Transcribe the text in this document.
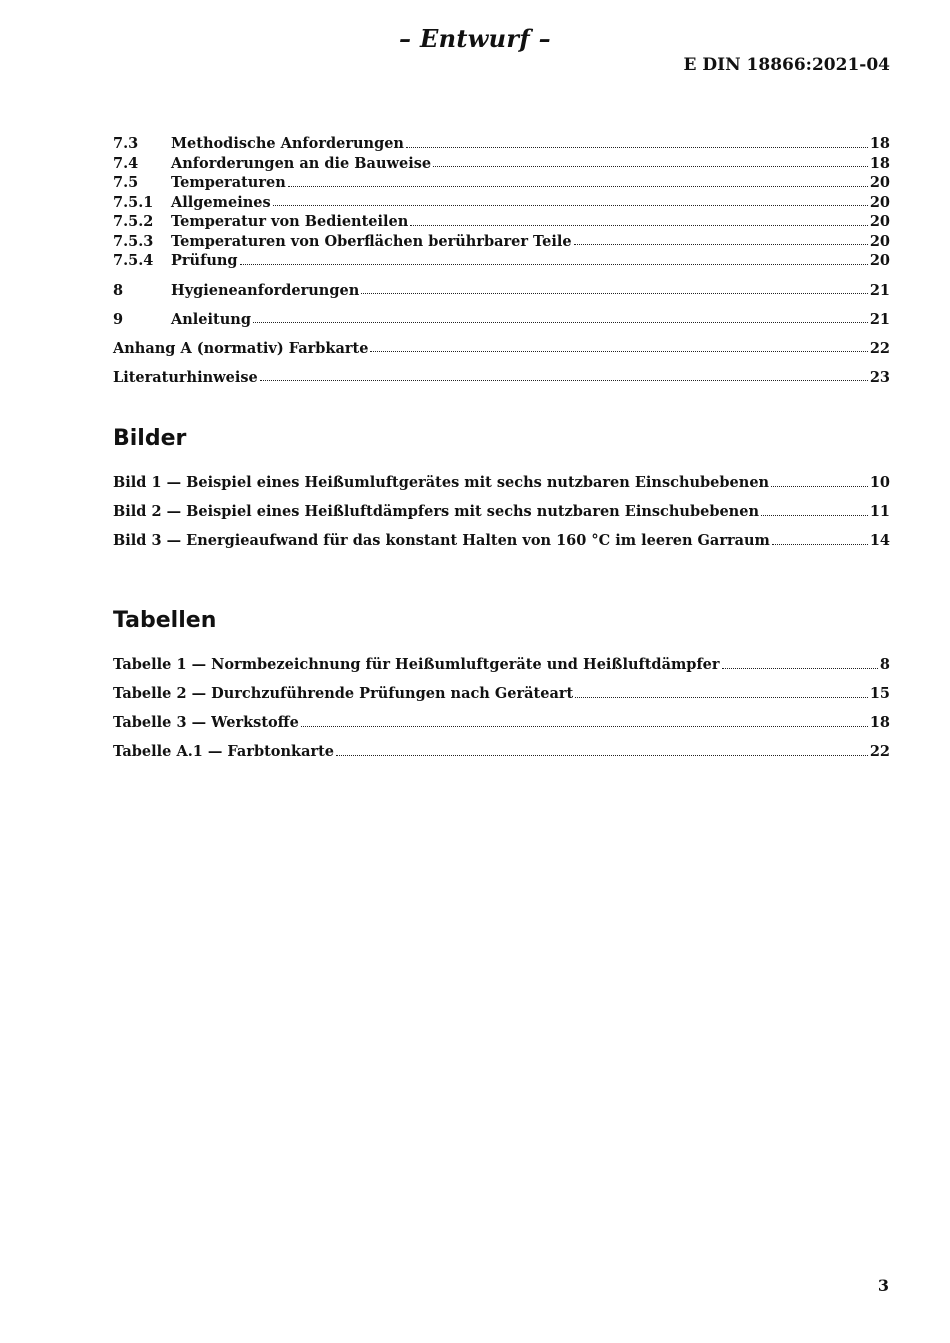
– Entwurf –
E DIN 18866:2021-04
7.3	Methodische Anforderungen	18
7.4	Anforderungen an die Bauweise	18
7.5	Temperaturen	20
7.5.1	Allgemeines	20
7.5.2	Temperatur von Bedienteilen	20
7.5.3	Temperaturen von Oberflächen berührbarer Teile	20
7.5.4	Prüfung	20
8	Hygieneanforderungen	21
9	Anleitung	21
Anhang A (normativ) Farbkarte	22
Literaturhinweise	23
Bilder
Bild 1 — Beispiel eines Heißumluftgerätes mit sechs nutzbaren Einschubebenen	10
Bild 2 — Beispiel eines Heißluftdämpfers mit sechs nutzbaren Einschubebenen	11
Bild 3 — Energieaufwand für das konstant Halten von 160 °C im leeren Garraum	14
Tabellen
Tabelle 1 — Normbezeichnung für Heißumluftgeräte und Heißluftdämpfer	8
Tabelle 2 — Durchzuführende Prüfungen nach Geräteart	15
Tabelle 3 — Werkstoffe	18
Tabelle A.1 — Farbtonkarte	22
3
